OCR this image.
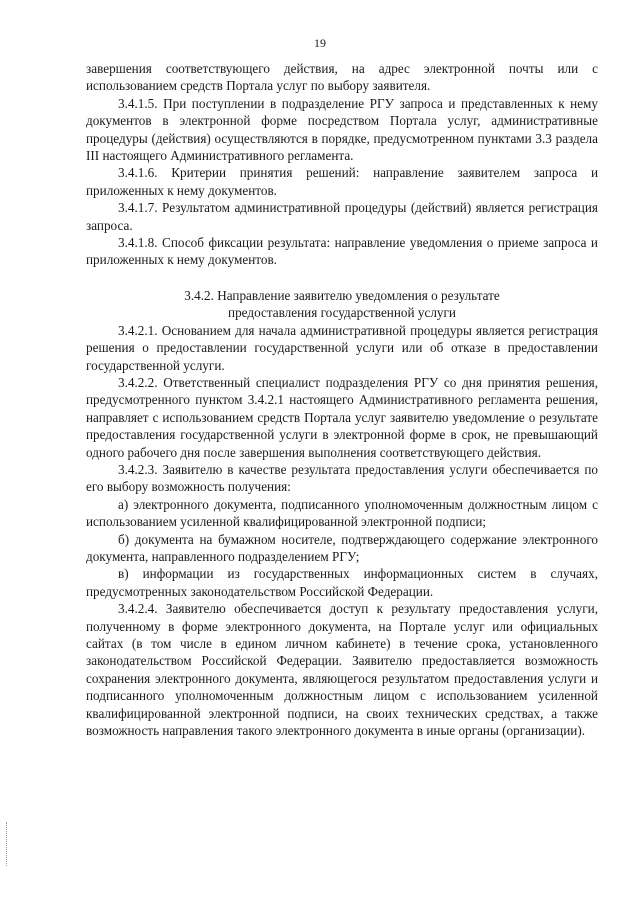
19

завершения соответствующего действия, на адрес электронной почты или с использованием средств Портала услуг по выбору заявителя.

3.4.1.5. При поступлении в подразделение РГУ запроса и представленных к нему документов в электронной форме посредством Портала услуг, административные процедуры (действия) осуществляются в порядке, предусмотренном пунктами 3.3 раздела III настоящего Административного регламента.

3.4.1.6. Критерии принятия решений: направление заявителем запроса и приложенных к нему документов.

3.4.1.7. Результатом административной процедуры (действий) является регистрация запроса.

3.4.1.8. Способ фиксации результата: направление уведомления о приеме запроса и приложенных к нему документов.

3.4.2. Направление заявителю уведомления о результате
предоставления государственной услуги

3.4.2.1. Основанием для начала административной процедуры является регистрация решения о предоставлении государственной услуги или об отказе в предоставлении государственной услуги.

3.4.2.2. Ответственный специалист подразделения РГУ со дня принятия решения, предусмотренного пунктом 3.4.2.1 настоящего Административного регламента решения, направляет с использованием средств Портала услуг заявителю уведомление о результате предоставления государственной услуги в электронной форме в срок, не превышающий одного рабочего дня после завершения выполнения соответствующего действия.

3.4.2.3. Заявителю в качестве результата предоставления услуги обеспечивается по его выбору возможность получения:

а) электронного документа, подписанного уполномоченным должностным лицом с использованием усиленной квалифицированной электронной подписи;

б) документа на бумажном носителе, подтверждающего содержание электронного документа, направленного подразделением РГУ;

в) информации из государственных информационных систем в случаях, предусмотренных законодательством Российской Федерации.

3.4.2.4. Заявителю обеспечивается доступ к результату предоставления услуги, полученному в форме электронного документа, на Портале услуг или официальных сайтах (в том числе в едином личном кабинете) в течение срока, установленного законодательством Российской Федерации. Заявителю предоставляется возможность сохранения электронного документа, являющегося результатом предоставления услуги и подписанного уполномоченным должностным лицом с использованием усиленной квалифицированной электронной подписи, на своих технических средствах, а также возможность направления такого электронного документа в иные органы (организации).
